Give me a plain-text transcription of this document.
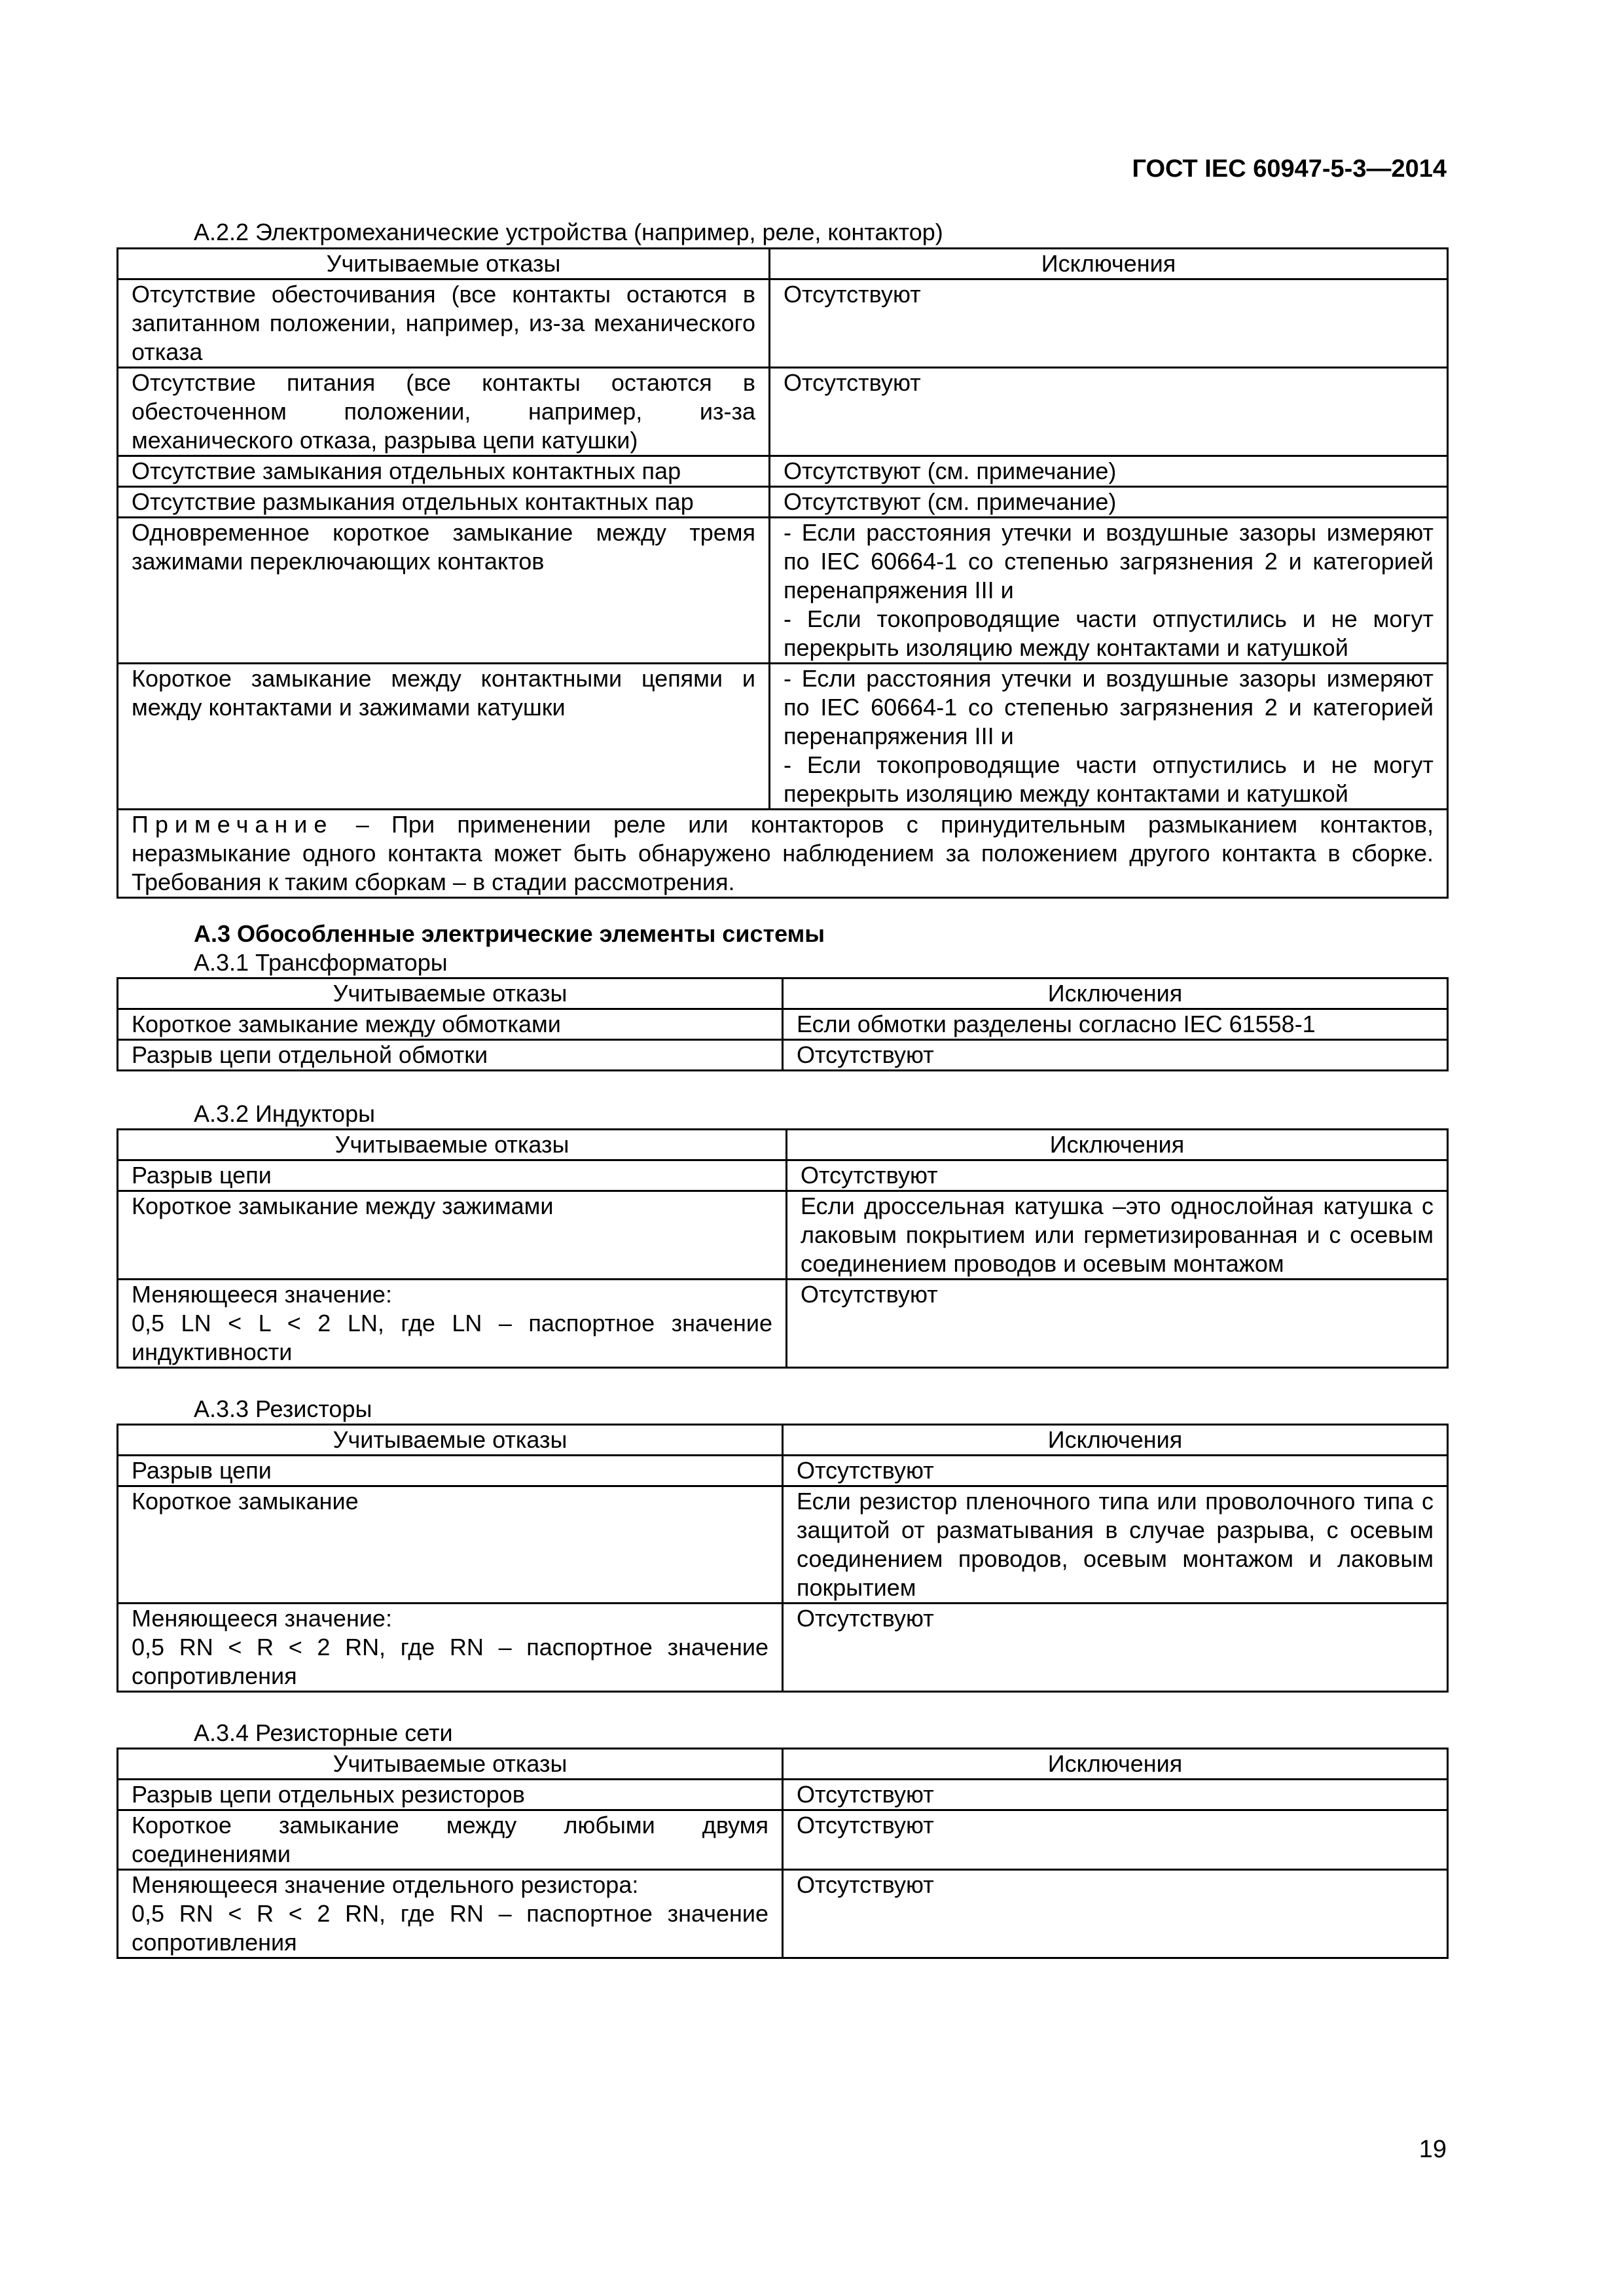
ГОСТ IEC 60947-5-3—2014
А.2.2 Электромеханические устройства (например, реле, контактор)
Учитываемые отказы	Исключения
Отсутствие обесточивания (все контакты остаются в запитанном положении, например, из-за механического отказа	Отсутствуют
Отсутствие питания (все контакты остаются в обесточенном положении, например, из-за механического отказа, разрыва цепи катушки)	Отсутствуют
Отсутствие замыкания отдельных контактных пар	Отсутствуют (см. примечание)
Отсутствие размыкания отдельных контактных пар	Отсутствуют (см. примечание)
Одновременное короткое замыкание между тремя зажимами переключающих контактов	- Если расстояния утечки и воздушные зазоры измеряют по IEC 60664-1 со степенью загрязнения 2 и категорией перенапряжения III и
- Если токопроводящие части отпустились и не могут перекрыть изоляцию между контактами и катушкой

Короткое замыкание между контактными цепями и между контактами и зажимами катушки	- Если расстояния утечки и воздушные зазоры измеряют по IEC 60664-1 со степенью загрязнения 2 и категорией перенапряжения III и
- Если токопроводящие части отпустились и не могут перекрыть изоляцию между контактами и катушкой

Примечание – При применении реле или контакторов с принудительным размыканием контактов, неразмыкание одного контакта может быть обнаружено наблюдением за положением другого контакта в сборке. Требования к таким сборкам – в стадии рассмотрения.	
А.3 Обособленные электрические элементы системы
А.3.1 Трансформаторы
Учитываемые отказы	Исключения
Короткое замыкание между обмотками	Если обмотки разделены согласно IEC 61558-1
Разрыв цепи отдельной обмотки	Отсутствуют
А.3.2 Индукторы
Учитываемые отказы	Исключения
Разрыв цепи	Отсутствуют
Короткое замыкание между зажимами	Если дроссельная катушка –это однослойная катушка с лаковым покрытием или герметизированная и с осевым соединением проводов и осевым монтажом

Меняющееся значение:
0,5 LN < L < 2 LN, где LN – паспортное значение индуктивности	Отсутствуют
А.3.3 Резисторы
Учитываемые отказы	Исключения
Разрыв цепи	Отсутствуют
Короткое замыкание	Если резистор пленочного типа или проволочного типа с защитой от разматывания в случае разрыва, с осевым соединением проводов, осевым монтажом и лаковым покрытием

Меняющееся значение:
0,5 RN < R < 2 RN, где RN – паспортное значение сопротивления	Отсутствуют
А.3.4 Резисторные сети
Учитываемые отказы	Исключения
Разрыв цепи отдельных резисторов	Отсутствуют
Короткое замыкание между любыми двумя соединениями	Отсутствуют

Меняющееся значение отдельного резистора:
0,5 RN < R < 2 RN, где RN – паспортное значение сопротивления	Отсутствуют
19
